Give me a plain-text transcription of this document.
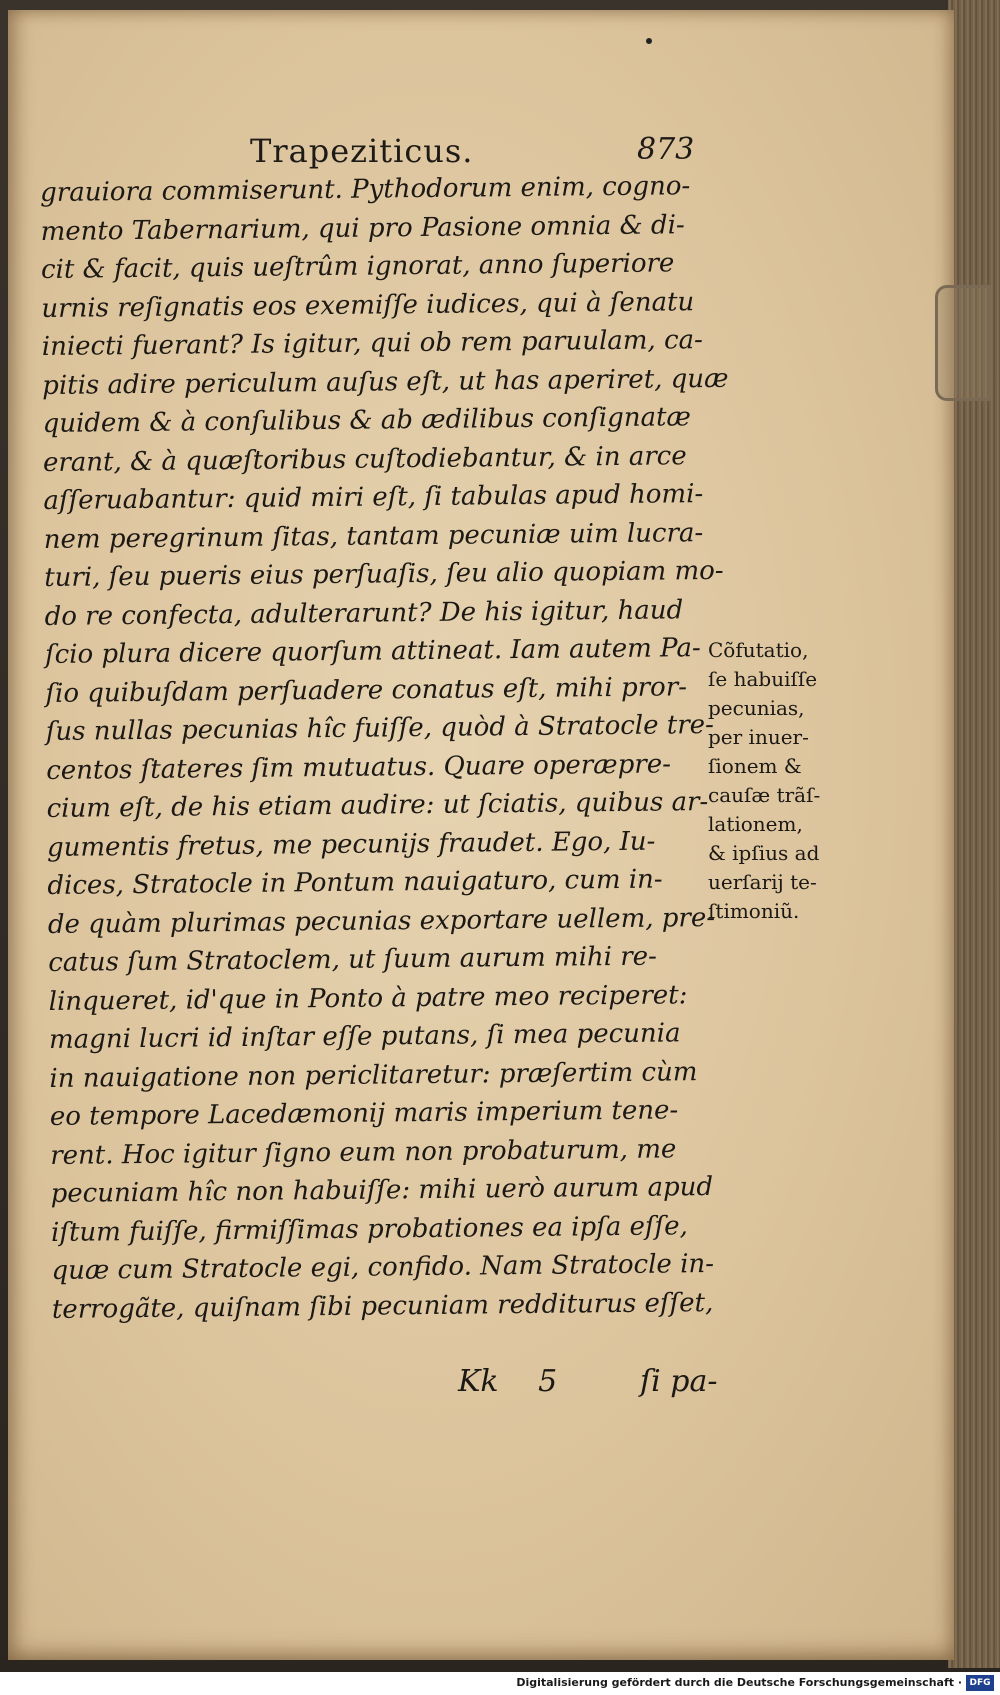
Trapeziticus.	873
grauiora commiserunt. Pythodorum enim, cogno-
mento Tabernarium, qui pro Pasione omnia & di-
cit & facit, quis ueſtrûm ignorat, anno ſuperiore
urnis reſignatis eos exemiſſe iudices, qui à ſenatu
iniecti fuerant? Is igitur, qui ob rem paruulam, ca-
pitis adire periculum auſus eſt, ut has aperiret, quæ
quidem & à conſulibus & ab ædilibus conſignatæ
erant, & à quæſtoribus cuſtodiebantur, & in arce
aſſeruabantur: quid miri eſt, ſi tabulas apud homi-
nem peregrinum ſitas, tantam pecuniæ uim lucra-
turi, ſeu pueris eius perſuaſis, ſeu alio quopiam mo-
do re confecta, adulterarunt? De his igitur, haud
ſcio plura dicere quorſum attineat. Iam autem Pa-
ſio quibuſdam perſuadere conatus eſt, mihi pror-
ſus nullas pecunias hîc fuiſſe, quòd à Stratocle tre-
centos ſtateres ſim mutuatus. Quare operæpre-
cium eſt, de his etiam audire: ut ſciatis, quibus ar-
gumentis fretus, me pecunijs fraudet. Ego, Iu-
dices, Stratocle in Pontum nauigaturo, cum in-
de quàm plurimas pecunias exportare uellem, pre-
catus ſum Stratoclem, ut ſuum aurum mihi re-
linqueret, id'que in Ponto à patre meo reciperet:
magni lucri id inſtar eſſe putans, ſi mea pecunia
in nauigatione non periclitaretur: præſertim cùm
eo tempore Lacedæmonij maris imperium tene-
rent. Hoc igitur ſigno eum non probaturum, me
pecuniam hîc non habuiſſe: mihi uerò aurum apud
iſtum fuiſſe, firmiſſimas probationes ea ipſa eſſe,
quæ cum Stratocle egi, confido. Nam Stratocle in-
terrogãte, quiſnam ſibi pecuniam redditurus eſſet,
Cõfutatio,
ſe habuiſſe
pecunias,
per inuer-
ſionem &
cauſæ trãſ-
lationem,
& ipſius ad
uerſarij te-
ſtimoniũ.
Kk 5	ſi pa-
Digitalisierung gefördert durch die Deutsche Forschungsgemeinschaft · DFG
